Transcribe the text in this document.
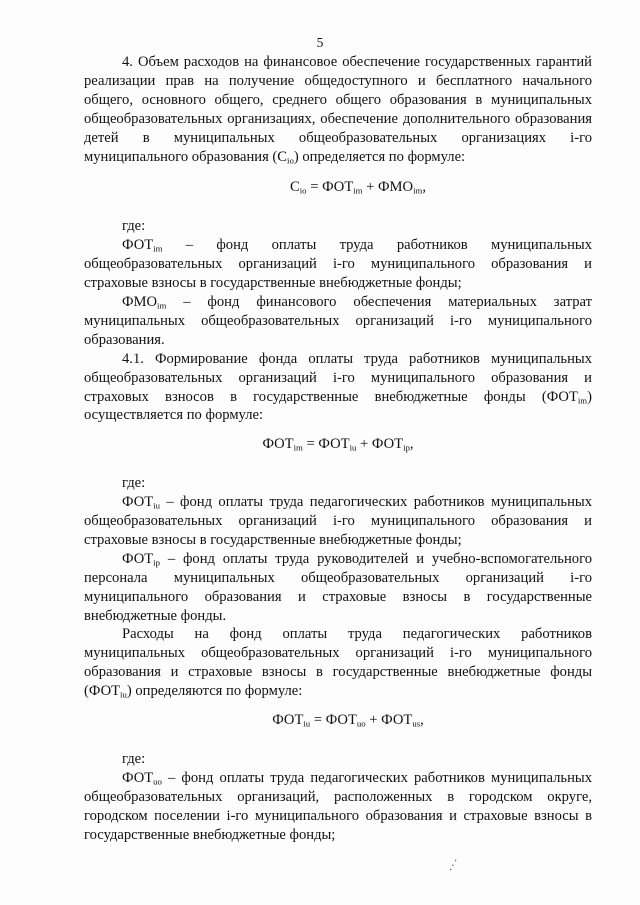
5

4. Объем расходов на финансовое обеспечение государственных гарантий реализации прав на получение общедоступного и бесплатного начального общего, основного общего, среднего общего образования в муниципальных общеобразовательных организациях, обеспечение дополнительного образования детей в муниципальных общеобразовательных организациях i-го муниципального образования $(C_{io})$ определяется по формуле:

$C_{io} = ФОТ_{im} + ФМО_{im}$,

где:

$ФОТ_{im}$ – фонд оплаты труда работников муниципальных общеобразовательных организаций i-го муниципального образования и страховые взносы в государственные внебюджетные фонды;

$ФМО_{im}$ – фонд финансового обеспечения материальных затрат муниципальных общеобразовательных организаций i-го муниципального образования.

4.1. Формирование фонда оплаты труда работников муниципальных общеобразовательных организаций i-го муниципального образования и страховых взносов в государственные внебюджетные фонды $(ФОТ_{im})$ осуществляется по формуле:

$ФОТ_{im} = ФОТ_{iu} + ФОТ_{ip}$,

где:

$ФОТ_{iu}$ – фонд оплаты труда педагогических работников муниципальных общеобразовательных организаций i-го муниципального образования и страховые взносы в государственные внебюджетные фонды;

$ФОТ_{ip}$ – фонд оплаты труда руководителей и учебно-вспомогательного персонала муниципальных общеобразовательных организаций i-го муниципального образования и страховые взносы в государственные внебюджетные фонды.

Расходы на фонд оплаты труда педагогических работников муниципальных общеобразовательных организаций i-го муниципального образования и страховые взносы в государственные внебюджетные фонды $(ФОТ_{iu})$ определяются по формуле:

$ФОТ_{iu} = ФОТ_{uo} + ФОТ_{us}$,

где:

$ФОТ_{uo}$ – фонд оплаты труда педагогических работников муниципальных общеобразовательных организаций, расположенных в городском округе, городском поселении i-го муниципального образования и страховые взносы в государственные внебюджетные фонды;

.·´
